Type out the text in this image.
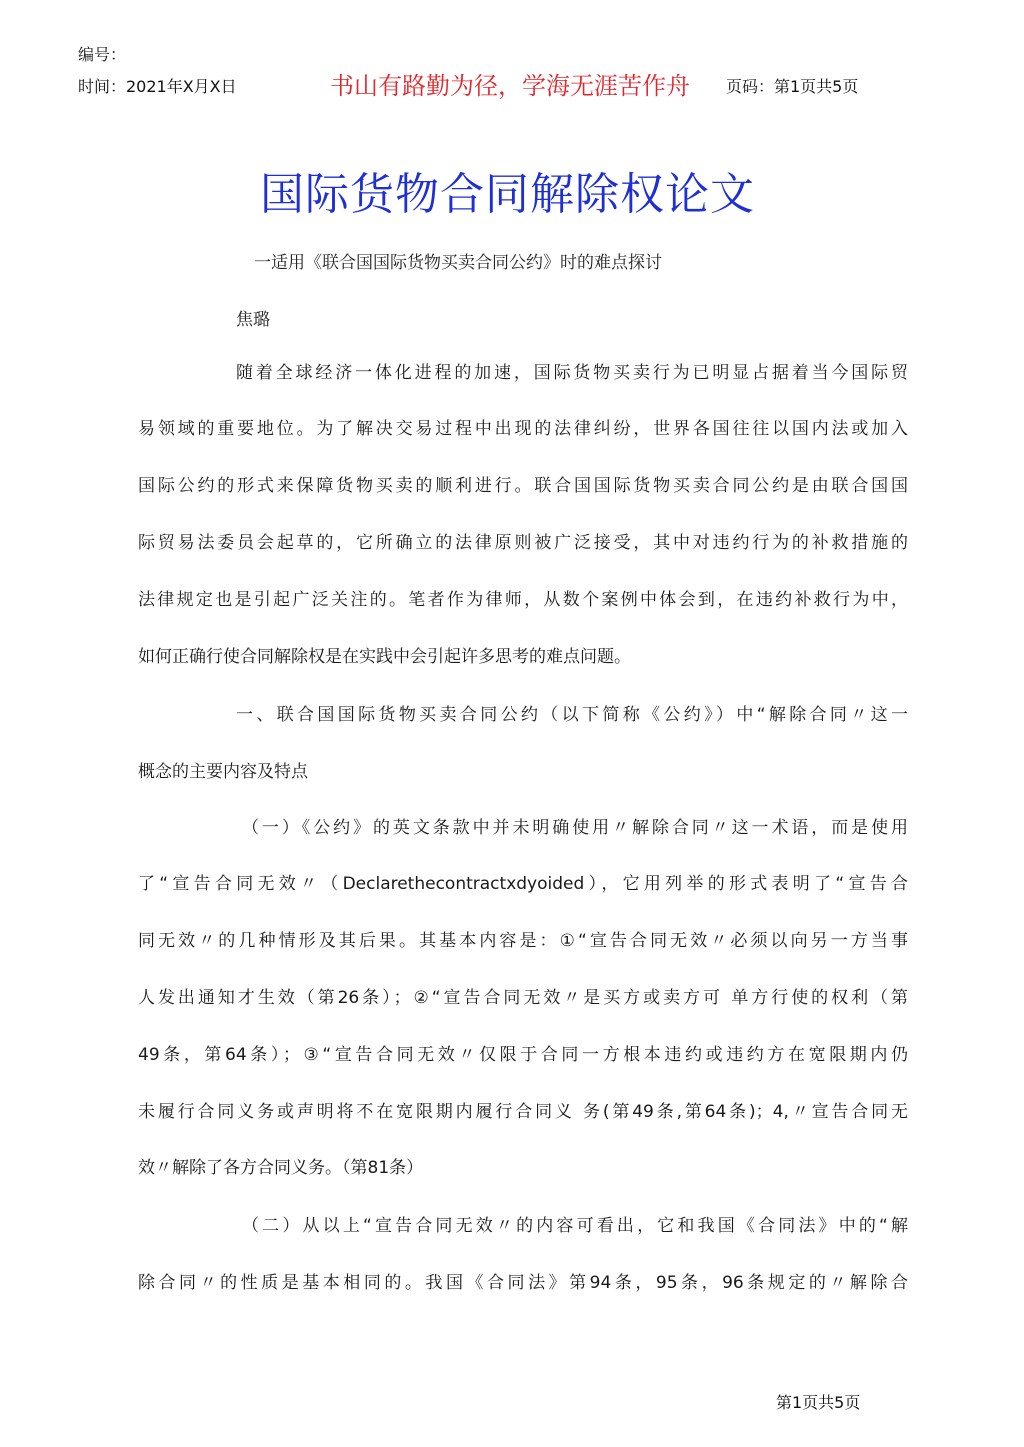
编号：
时间：2021年X月X日	书山有路勤为径，学海无涯苦作舟 页码：第1页共5页
国际货物合同解除权论文
一适用《联合国国际货物买卖合同公约》时的难点探讨
焦璐
随着全球经济一体化进程的加速，国际货物买卖行为已明显占据着当今国际贸
易领域的重要地位。为了解决交易过程中出现的法律纠纷，世界各国往往以国内法或加入
国际公约的形式来保障货物买卖的顺利进行。联合国国际货物买卖合同公约是由联合国国
际贸易法委员会起草的，它所确立的法律原则被广泛接受，其中对违约行为的补救措施的
法律规定也是引起广泛关注的。笔者作为律师，从数个案例中体会到，在违约补救行为中，
如何正确行使合同解除权是在实践中会引起许多思考的难点问题。
一、联合国国际货物买卖合同公约（以下简称《公约》）中“解除合同〃这一
概念的主要内容及特点
（一）《公约》的英文条款中并未明确使用〃解除合同〃这一术语，而是使用
了“宣告合同无效〃（Declarethecontractxdyoided），它用列举的形式表明了“宣告合
同无效〃的几种情形及其后果。其基本内容是：①“宣告合同无效〃必须以向另一方当事
人发出通知才生效（第26条）；②“宣告合同无效〃是买方或卖方可 单方行使的权利（第
49条，第64条）；③“宣告合同无效〃仅限于合同一方根本违约或违约方在宽限期内仍
未履行合同义务或声明将不在宽限期内履行合同义 务(第49条,第64条)；4,〃宣告合同无
效〃解除了各方合同义务。（第81条）
（二）从以上“宣告合同无效〃的内容可看出，它和我国《合同法》中的“解
除合同〃的性质是基本相同的。我国《合同法》第94条，95条，96条规定的〃解除合
第1页共5页
